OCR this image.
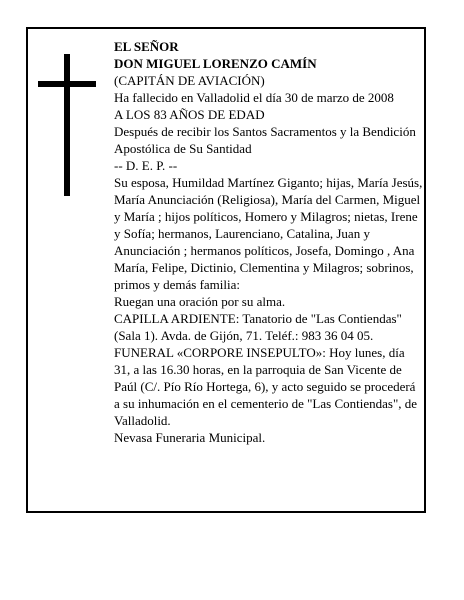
EL SEÑOR

DON MIGUEL LORENZO CAMÍN

(CAPITÁN DE AVIACIÓN)

Ha fallecido en Valladolid el día 30 de marzo de 2008

A LOS 83 AÑOS DE EDAD

Después de recibir los Santos Sacramentos y la Bendición Apostólica de Su Santidad

-- D. E. P. --

Su esposa, Humildad Martínez Giganto; hijas, María Jesús, María Anunciación (Religiosa), María del Carmen, Miguel y María ; hijos políticos, Homero y Milagros; nietas, Irene y Sofía; hermanos, Laurenciano, Catalina, Juan y Anunciación ; hermanos políticos, Josefa, Domingo , Ana María, Felipe, Dictinio, Clementina y Milagros; sobrinos, primos y demás familia:

Ruegan una oración por su alma.

CAPILLA ARDIENTE: Tanatorio de "Las Contiendas" (Sala 1). Avda. de Gijón, 71. Teléf.: 983 36 04 05.

FUNERAL «CORPORE INSEPULTO»: Hoy lunes, día 31, a las 16.30 horas, en la parroquia de San Vicente de Paúl (C/. Pío Río Hortega, 6), y acto seguido se procederá a su inhumación en el cementerio de "Las Contiendas", de Valladolid.

Nevasa Funeraria Municipal.
